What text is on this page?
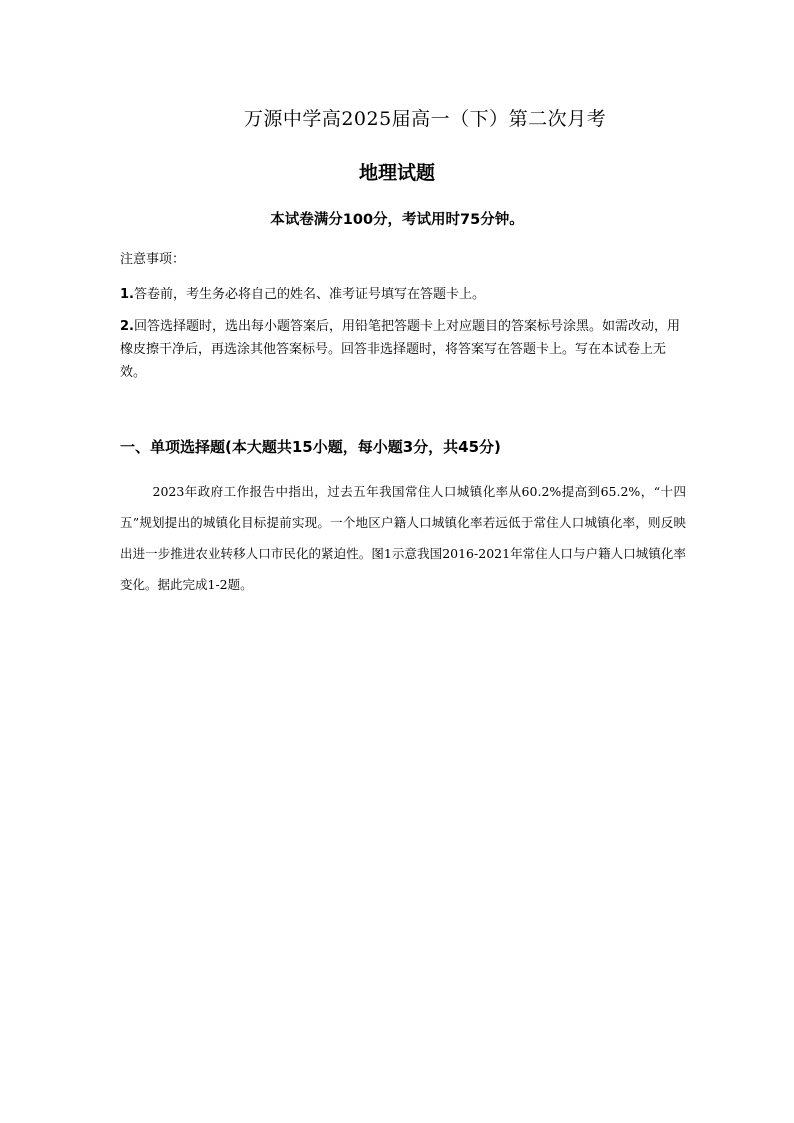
万源中学高2025届高一（下）第二次月考
地理试题
本试卷满分100分，考试用时75分钟。
注意事项：
1.答卷前，考生务必将自己的姓名、准考证号填写在答题卡上。
2.回答选择题时，选出每小题答案后，用铅笔把答题卡上对应题目的答案标号涂黑。如需改动，用橡皮擦干净后，再选涂其他答案标号。回答非选择题时，将答案写在答题卡上。写在本试卷上无效。
一、单项选择题(本大题共15小题，每小题3分，共45分)
2023年政府工作报告中指出，过去五年我国常住人口城镇化率从60.2%提高到65.2%，“十四五”规划提出的城镇化目标提前实现。一个地区户籍人口城镇化率若远低于常住人口城镇化率，则反映出进一步推进农业转移人口市民化的紧迫性。图1示意我国2016-2021年常住人口与户籍人口城镇化率变化。据此完成1-2题。
